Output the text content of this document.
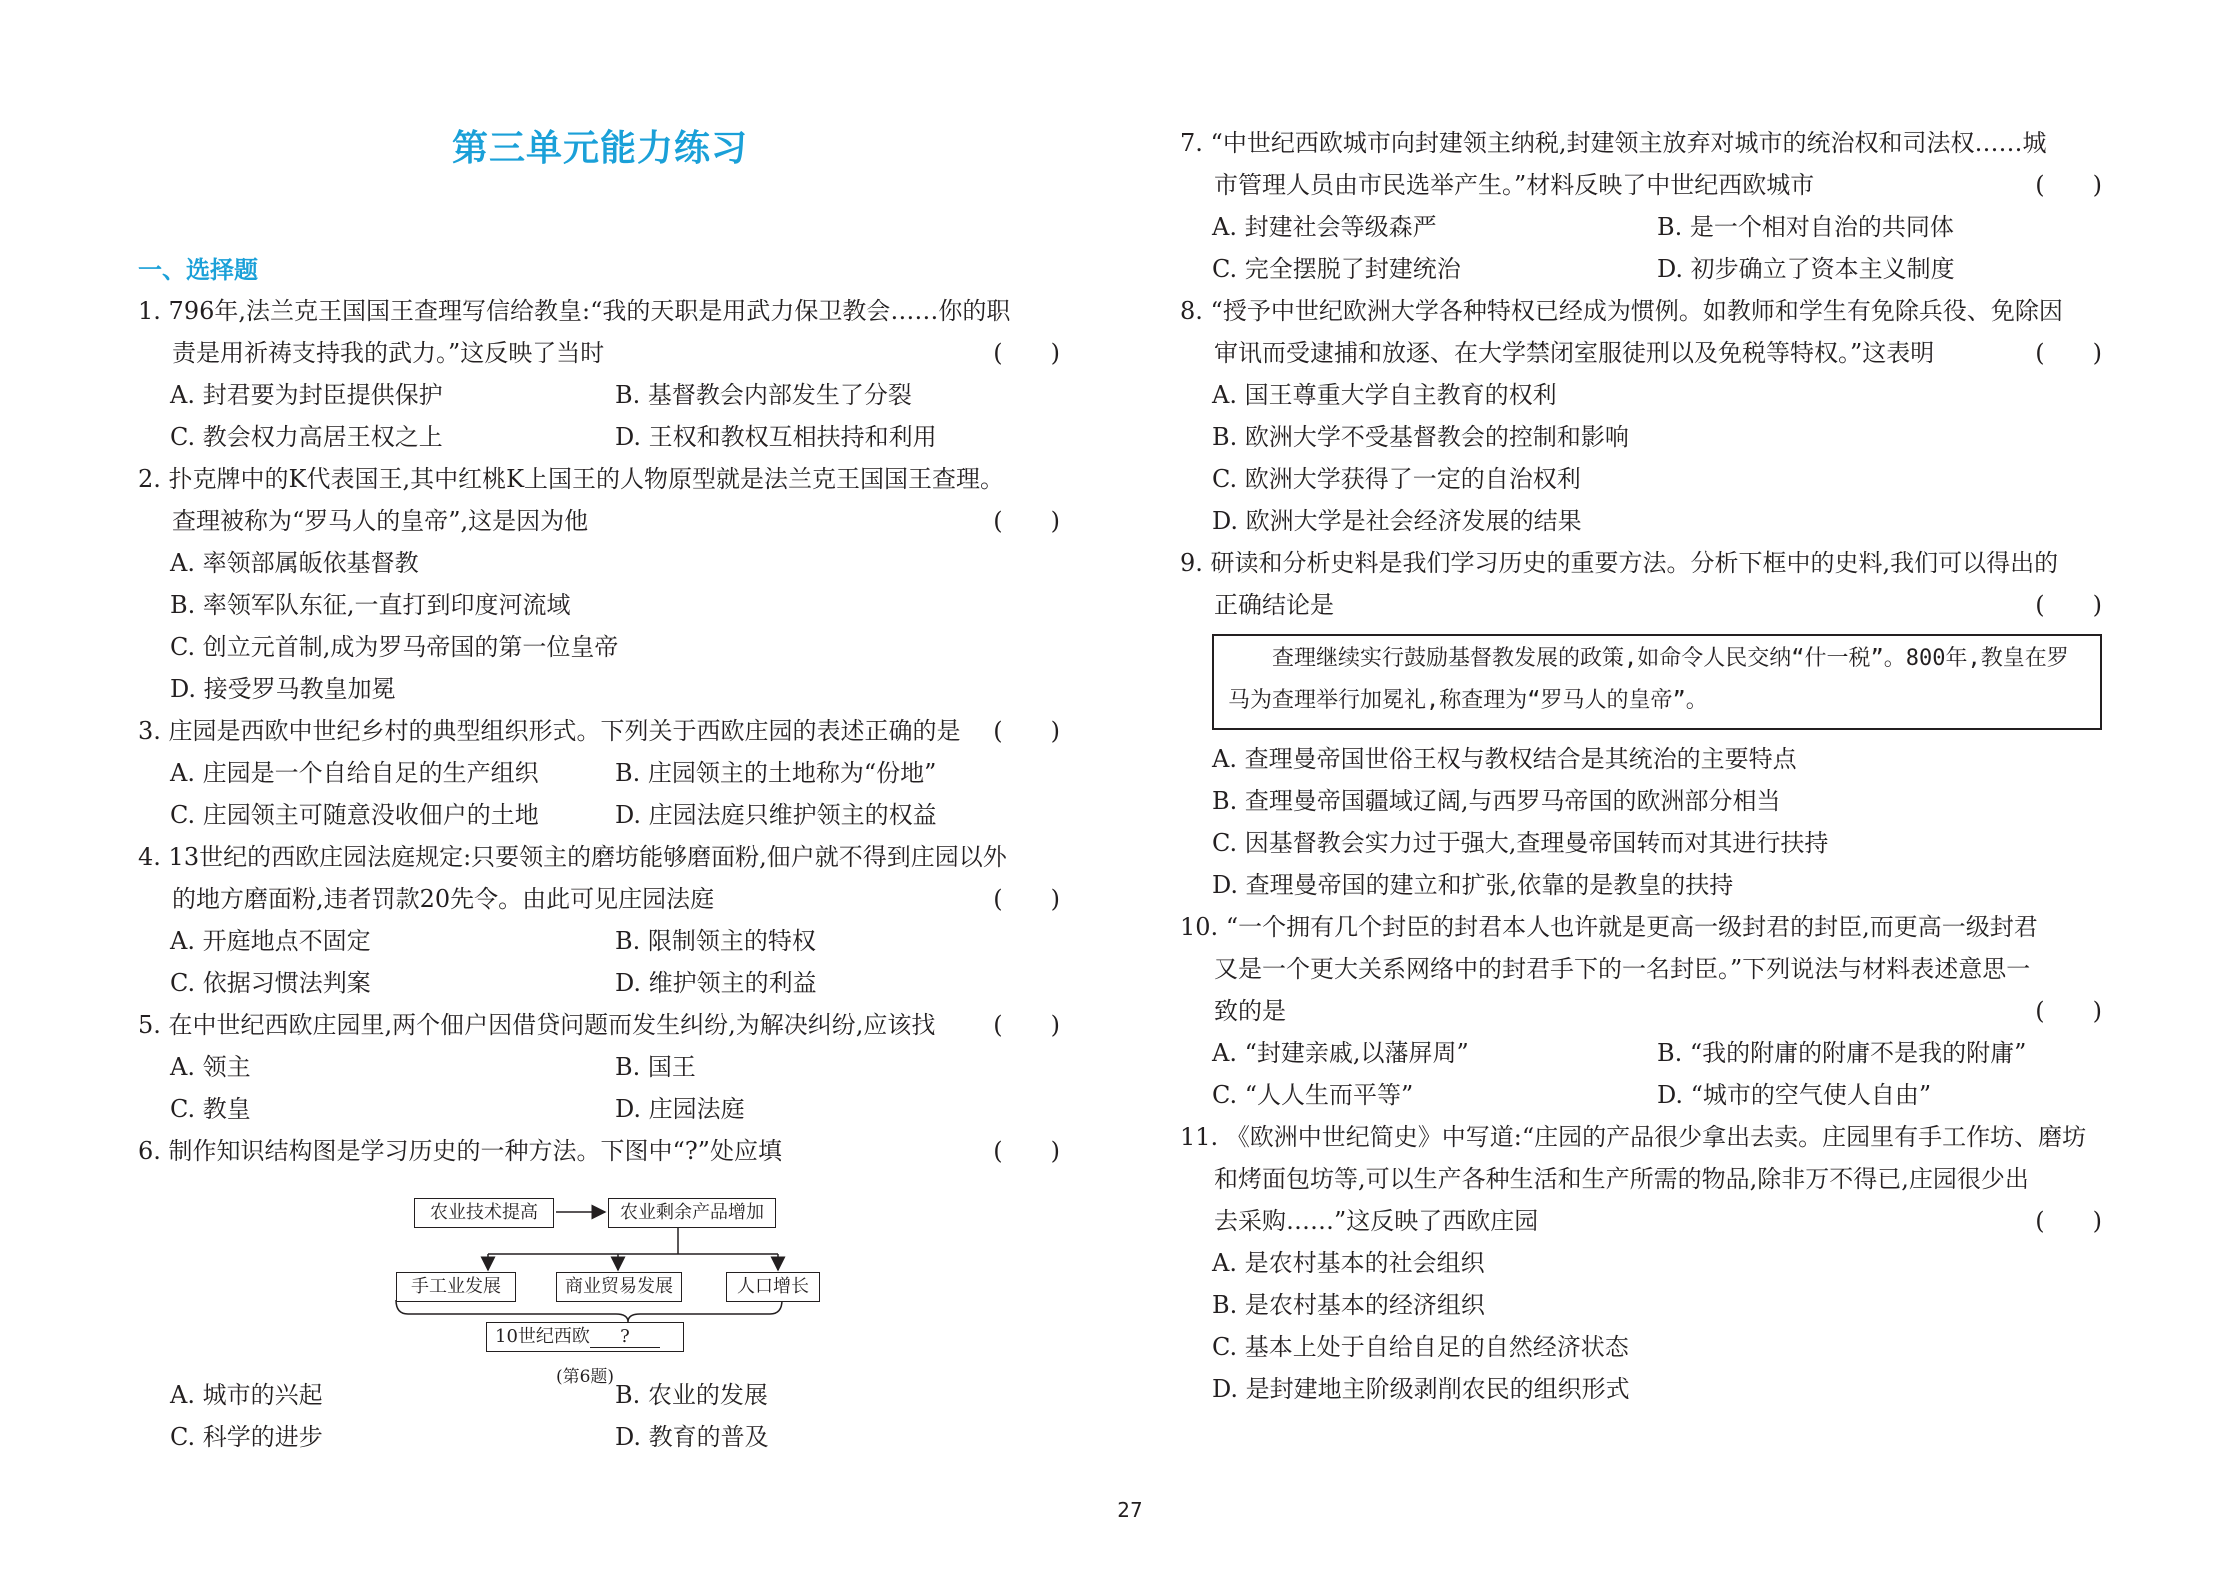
第三单元能力练习
一、选择题
1. 796年,法兰克王国国王查理写信给教皇:“我的天职是用武力保卫教会……你的职
责是用祈祷支持我的武力。”这反映了当时	(　　)
A. 封君要为封臣提供保护	B. 基督教会内部发生了分裂
C. 教会权力高居王权之上	D. 王权和教权互相扶持和利用
2. 扑克牌中的K代表国王,其中红桃K上国王的人物原型就是法兰克王国国王查理。
查理被称为“罗马人的皇帝”,这是因为他	(　　)
A. 率领部属皈依基督教
B. 率领军队东征,一直打到印度河流域
C. 创立元首制,成为罗马帝国的第一位皇帝
D. 接受罗马教皇加冕
3. 庄园是西欧中世纪乡村的典型组织形式。下列关于西欧庄园的表述正确的是	(　　)
A. 庄园是一个自给自足的生产组织	B. 庄园领主的土地称为“份地”
C. 庄园领主可随意没收佃户的土地	D. 庄园法庭只维护领主的权益
4. 13世纪的西欧庄园法庭规定:只要领主的磨坊能够磨面粉,佃户就不得到庄园以外
的地方磨面粉,违者罚款20先令。由此可见庄园法庭	(　　)
A. 开庭地点不固定	B. 限制领主的特权
C. 依据习惯法判案	D. 维护领主的利益
5. 在中世纪西欧庄园里,两个佃户因借贷问题而发生纠纷,为解决纠纷,应该找	(　　)
A. 领主	B. 国王
C. 教皇	D. 庄园法庭
6. 制作知识结构图是学习历史的一种方法。下图中“?”处应填	(　　)
农业技术提高	农业剩余产品增加
手工业发展	商业贸易发展	人口增长
10世纪西欧 ?
(第6题)
A. 城市的兴起	B. 农业的发展
C. 科学的进步	D. 教育的普及
7. “中世纪西欧城市向封建领主纳税,封建领主放弃对城市的统治权和司法权……城
市管理人员由市民选举产生。”材料反映了中世纪西欧城市	(　　)
A. 封建社会等级森严	B. 是一个相对自治的共同体
C. 完全摆脱了封建统治	D. 初步确立了资本主义制度
8. “授予中世纪欧洲大学各种特权已经成为惯例。如教师和学生有免除兵役、免除因
审讯而受逮捕和放逐、在大学禁闭室服徒刑以及免税等特权。”这表明	(　　)
A. 国王尊重大学自主教育的权利
B. 欧洲大学不受基督教会的控制和影响
C. 欧洲大学获得了一定的自治权利
D. 欧洲大学是社会经济发展的结果
9. 研读和分析史料是我们学习历史的重要方法。分析下框中的史料,我们可以得出的
正确结论是	(　　)
查理继续实行鼓励基督教发展的政策,如命令人民交纳“什一税”。800年,教皇在罗马为查理举行加冕礼,称查理为“罗马人的皇帝”。
A. 查理曼帝国世俗王权与教权结合是其统治的主要特点
B. 查理曼帝国疆域辽阔,与西罗马帝国的欧洲部分相当
C. 因基督教会实力过于强大,查理曼帝国转而对其进行扶持
D. 查理曼帝国的建立和扩张,依靠的是教皇的扶持
10. “一个拥有几个封臣的封君本人也许就是更高一级封君的封臣,而更高一级封君
又是一个更大关系网络中的封君手下的一名封臣。”下列说法与材料表述意思一
致的是	(　　)
A. “封建亲戚,以藩屏周”	B. “我的附庸的附庸不是我的附庸”
C. “人人生而平等”	D. “城市的空气使人自由”
11. 《欧洲中世纪简史》中写道:“庄园的产品很少拿出去卖。庄园里有手工作坊、磨坊
和烤面包坊等,可以生产各种生活和生产所需的物品,除非万不得已,庄园很少出
去采购……”这反映了西欧庄园	(　　)
A. 是农村基本的社会组织
B. 是农村基本的经济组织
C. 基本上处于自给自足的自然经济状态
D. 是封建地主阶级剥削农民的组织形式
27
